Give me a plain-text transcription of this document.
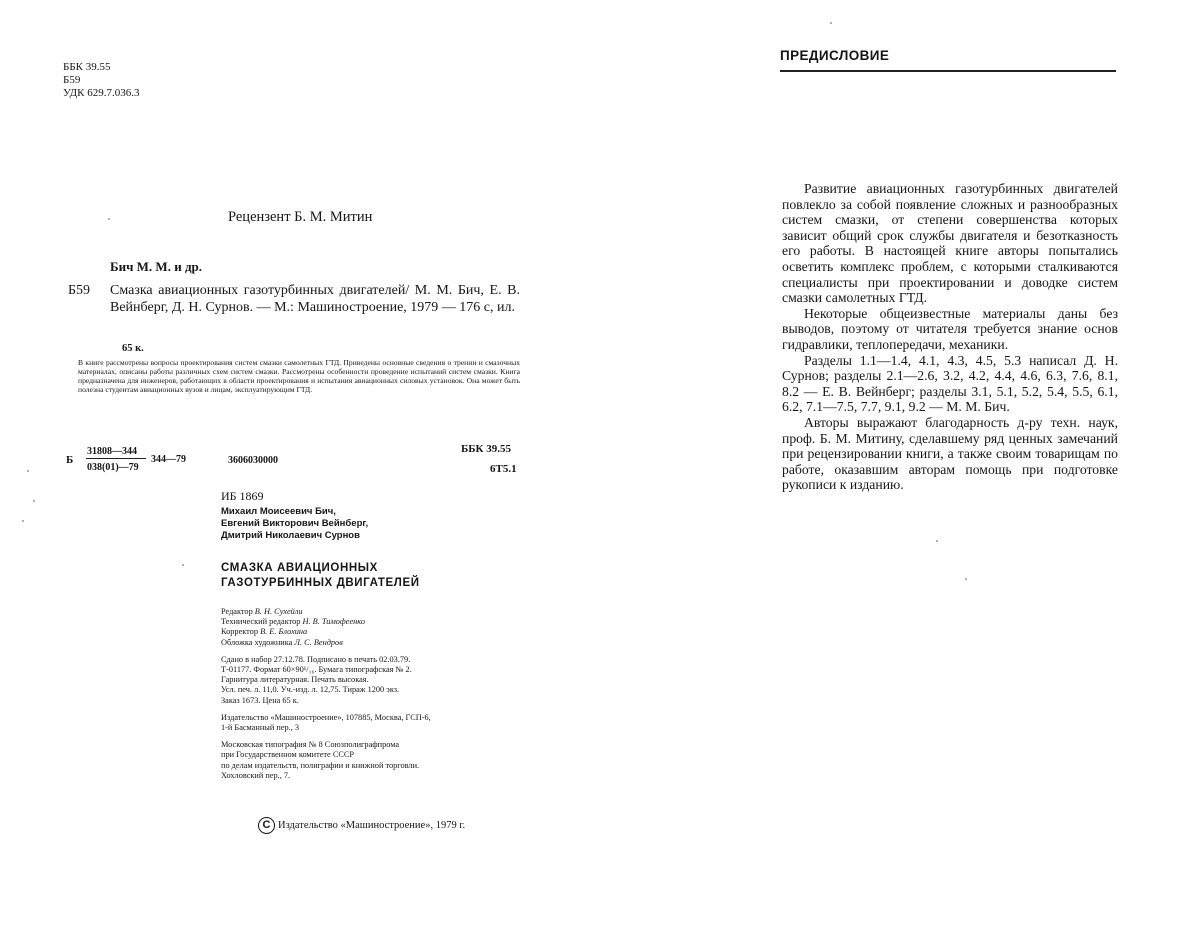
ББК 39.55
Б59
УДК 629.7.036.3
Рецензент Б. М. Митин
Бич М. М. и др.
Б59 Смазка авиационных газотурбинных двигателей/ М. М. Бич, Е. В. Вейнберг, Д. Н. Сурнов. — М.: Машиностроение, 1979 — 176 с, ил.
65 к.
В книге рассмотрены вопросы проектирования систем смазки самолетных ГТД. Приведены основные сведения о трении и смазочных материалах, описаны работы различных схем систем смазки. Рассмотрены особенности проведение испытаний систем смазки. Книга предназначена для инженеров, работающих в области проектирования и испытания авиационных силовых установок. Она может быть полезна студентам авиационных вузов и лицам, эксплуатирующим ГТД.
Б
31808—344
038(01)—79
344—79	3606030000
ББК 39.55
6Т5.1
ИБ 1869
Михаил Моисеевич Бич,
Евгений Викторович Вейнберг,
Дмитрий Николаевич Сурнов
СМАЗКА АВИАЦИОННЫХ
ГАЗОТУРБИННЫХ ДВИГАТЕЛЕЙ
Редактор В. Н. Сухейли
Технический редактор Н. В. Тимофеенко
Корректор В. Е. Блохина
Обложка художника Л. С. Вендров
Сдано в набор 27.12.78. Подписано в печать 02.03.79.
Т-01177. Формат 60×90¹/₁₆. Бумага типографская № 2.
Гарнитура литературная. Печать высокая.
Усл. печ. л. 11,0. Уч.-изд. л. 12,75. Тираж 1200 экз.
Заказ 1673. Цена 65 к.
Издательство «Машиностроение», 107885, Москва, ГСП-6,
1-й Басманный пер., 3
Московская типография № 8 Союзполиграфпрома
при Государственном комитете СССР
по делам издательств, полиграфии и книжной торговли.
Хохловский пер., 7.
C Издательство «Машиностроение», 1979 г.
ПРЕДИСЛОВИЕ

Развитие авиационных газотурбинных двигателей повлекло за собой появление сложных и разнообразных систем смазки, от степени совершенства которых зависит общий срок службы двигателя и безотказность его работы. В настоящей книге авторы попытались осветить комплекс проблем, с которыми сталкиваются специалисты при проектировании и доводке систем смазки самолетных ГТД.

Некоторые общеизвестные материалы даны без выводов, поэтому от читателя требуется знание основ гидравлики, теплопередачи, механики.

Разделы 1.1—1.4, 4.1, 4.3, 4.5, 5.3 написал Д. Н. Сурнов; разделы 2.1—2.6, 3.2, 4.2, 4.4, 4.6, 6.3, 7.6, 8.1, 8.2 — Е. В. Вейнберг; разделы 3.1, 5.1, 5.2, 5.4, 5.5, 6.1, 6.2, 7.1—7.5, 7.7, 9.1, 9.2 — М. М. Бич.

Авторы выражают благодарность д-ру техн. наук, проф. Б. М. Митину, сделавшему ряд ценных замечаний при рецензировании книги, а также своим товарищам по работе, оказавшим авторам помощь при подготовке рукописи к изданию.
